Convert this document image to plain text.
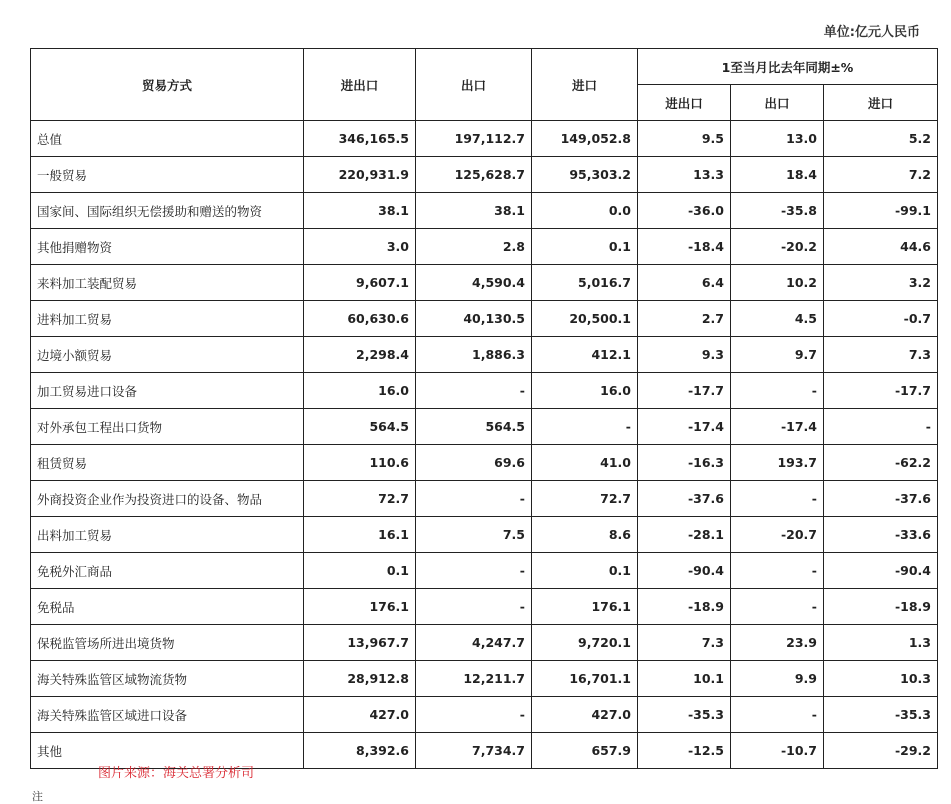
单位:亿元人民币
贸易方式	进出口	出口	进口	1至当月比去年同期±%		
				进出口	出口	进口
总值	346,165.5	197,112.7	149,052.8	9.5	13.0	5.2
一般贸易	220,931.9	125,628.7	95,303.2	13.3	18.4	7.2
国家间、国际组织无偿援助和赠送的物资	38.1	38.1	0.0	-36.0	-35.8	-99.1
其他捐赠物资	3.0	2.8	0.1	-18.4	-20.2	44.6
来料加工装配贸易	9,607.1	4,590.4	5,016.7	6.4	10.2	3.2
进料加工贸易	60,630.6	40,130.5	20,500.1	2.7	4.5	-0.7
边境小额贸易	2,298.4	1,886.3	412.1	9.3	9.7	7.3
加工贸易进口设备	16.0	-	16.0	-17.7	-	-17.7
对外承包工程出口货物	564.5	564.5	-	-17.4	-17.4	-
租赁贸易	110.6	69.6	41.0	-16.3	193.7	-62.2
外商投资企业作为投资进口的设备、物品	72.7	-	72.7	-37.6	-	-37.6
出料加工贸易	16.1	7.5	8.6	-28.1	-20.7	-33.6
免税外汇商品	0.1	-	0.1	-90.4	-	-90.4
免税品	176.1	-	176.1	-18.9	-	-18.9
保税监管场所进出境货物	13,967.7	4,247.7	9,720.1	7.3	23.9	1.3
海关特殊监管区域物流货物	28,912.8	12,211.7	16,701.1	10.1	9.9	10.3
海关特殊监管区域进口设备	427.0	-	427.0	-35.3	-	-35.3
其他	8,392.6	7,734.7	657.9	-12.5	-10.7	-29.2
图片来源：海关总署分析司
注
